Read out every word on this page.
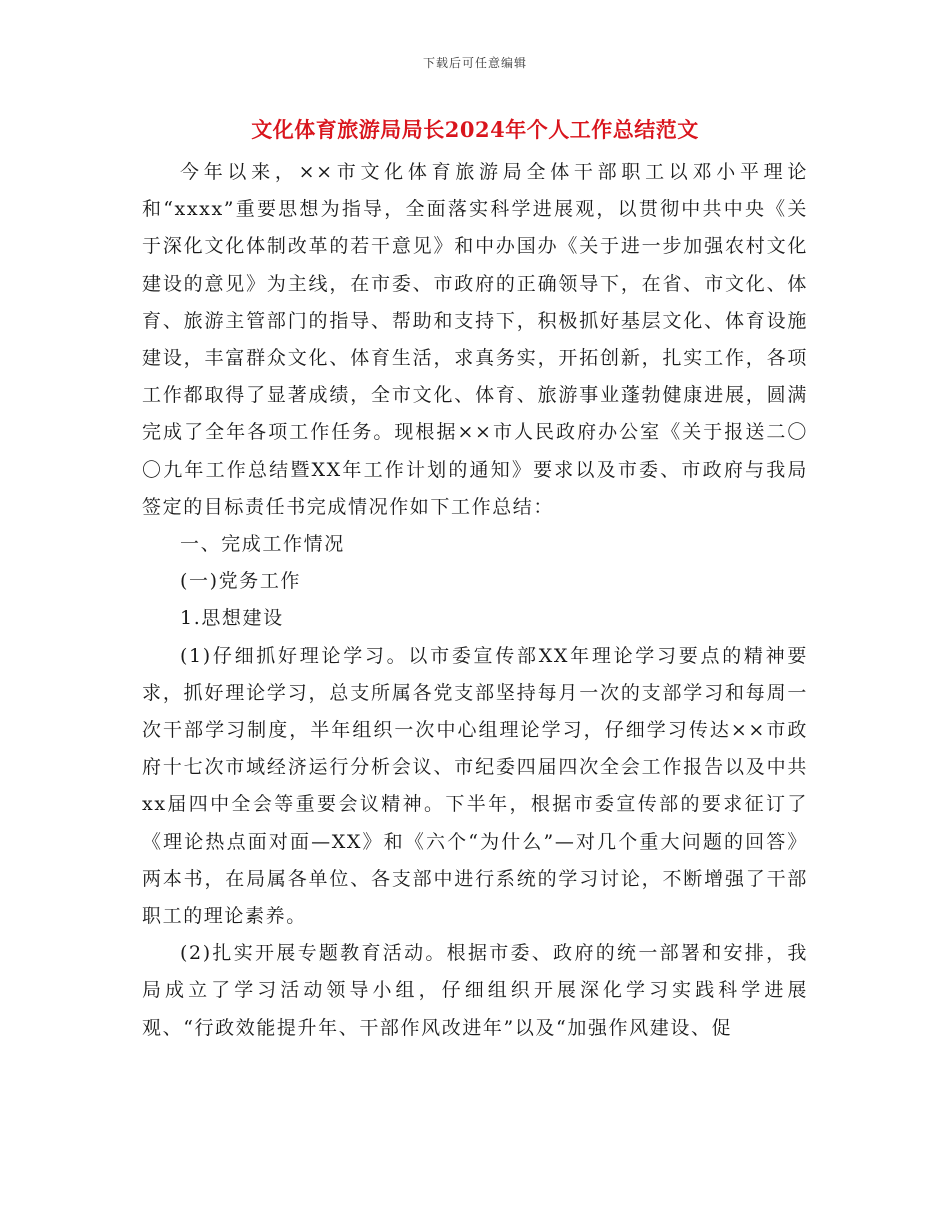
下载后可任意编辑
文化体育旅游局局长2024年个人工作总结范文

今年以来，××市文化体育旅游局全体干部职工以邓小平理论和“xxxx”重要思想为指导，全面落实科学进展观，以贯彻中共中央《关于深化文化体制改革的若干意见》和中办国办《关于进一步加强农村文化建设的意见》为主线，在市委、市政府的正确领导下，在省、市文化、体育、旅游主管部门的指导、帮助和支持下，积极抓好基层文化、体育设施建设，丰富群众文化、体育生活，求真务实，开拓创新，扎实工作，各项工作都取得了显著成绩，全市文化、体育、旅游事业蓬勃健康进展，圆满完成了全年各项工作任务。现根据××市人民政府办公室《关于报送二〇〇九年工作总结暨XX年工作计划的通知》要求以及市委、市政府与我局签定的目标责任书完成情况作如下工作总结：

一、完成工作情况

(一)党务工作

1.思想建设

(1)仔细抓好理论学习。以市委宣传部XX年理论学习要点的精神要求，抓好理论学习，总支所属各党支部坚持每月一次的支部学习和每周一次干部学习制度，半年组织一次中心组理论学习，仔细学习传达××市政府十七次市域经济运行分析会议、市纪委四届四次全会工作报告以及中共xx届四中全会等重要会议精神。下半年，根据市委宣传部的要求征订了《理论热点面对面—XX》和《六个“为什么”—对几个重大问题的回答》两本书，在局属各单位、各支部中进行系统的学习讨论，不断增强了干部职工的理论素养。

(2)扎实开展专题教育活动。根据市委、政府的统一部署和安排，我局成立了学习活动领导小组，仔细组织开展深化学习实践科学进展观、“行政效能提升年、干部作风改进年”以及“加强作风建设、促
